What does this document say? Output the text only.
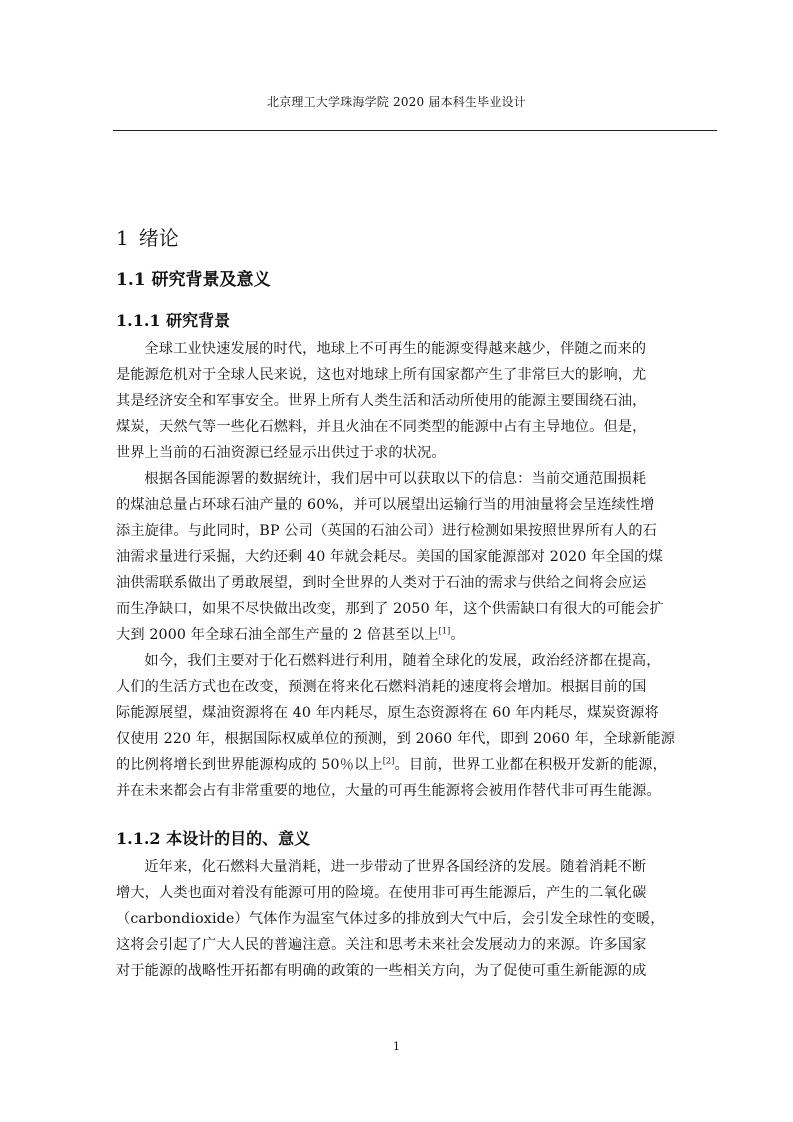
北京理工大学珠海学院 2020 届本科生毕业设计
1 绪论
1.1 研究背景及意义
1.1.1 研究背景

全球工业快速发展的时代，地球上不可再生的能源变得越来越少，伴随之而来的
是能源危机对于全球人民来说，这也对地球上所有国家都产生了非常巨大的影响，尤
其是经济安全和军事安全。世界上所有人类生活和活动所使用的能源主要围绕石油，
煤炭，天然气等一些化石燃料，并且火油在不同类型的能源中占有主导地位。但是，
世界上当前的石油资源已经显示出供过于求的状况。

根据各国能源署的数据统计，我们居中可以获取以下的信息：当前交通范围损耗
的煤油总量占环球石油产量的 60%，并可以展望出运输行当的用油量将会呈连续性增
添主旋律。与此同时，BP 公司（英国的石油公司）进行检测如果按照世界所有人的石
油需求量进行采掘，大约还剩 40 年就会耗尽。美国的国家能源部对 2020 年全国的煤
油供需联系做出了勇敢展望，到时全世界的人类对于石油的需求与供给之间将会应运
而生净缺口，如果不尽快做出改变，那到了 2050 年，这个供需缺口有很大的可能会扩
大到 2000 年全球石油全部生产量的 2 倍甚至以上[1]。

如今，我们主要对于化石燃料进行利用，随着全球化的发展，政治经济都在提高，
人们的生活方式也在改变，预测在将来化石燃料消耗的速度将会增加。根据目前的国
际能源展望，煤油资源将在 40 年内耗尽，原生态资源将在 60 年内耗尽，煤炭资源将
仅使用 220 年，根据国际权威单位的预测，到 2060 年代，即到 2060 年，全球新能源
的比例将增长到世界能源构成的 50％以上[2]。目前，世界工业都在积极开发新的能源，
并在未来都会占有非常重要的地位，大量的可再生能源将会被用作替代非可再生能源。

1.1.2 本设计的目的、意义

近年来，化石燃料大量消耗，进一步带动了世界各国经济的发展。随着消耗不断
增大，人类也面对着没有能源可用的险境。在使用非可再生能源后，产生的二氧化碳
（carbondioxide）气体作为温室气体过多的排放到大气中后，会引发全球性的变暖，
这将会引起了广大人民的普遍注意。关注和思考未来社会发展动力的来源。许多国家
对于能源的战略性开拓都有明确的政策的一些相关方向，为了促使可重生新能源的成

1
